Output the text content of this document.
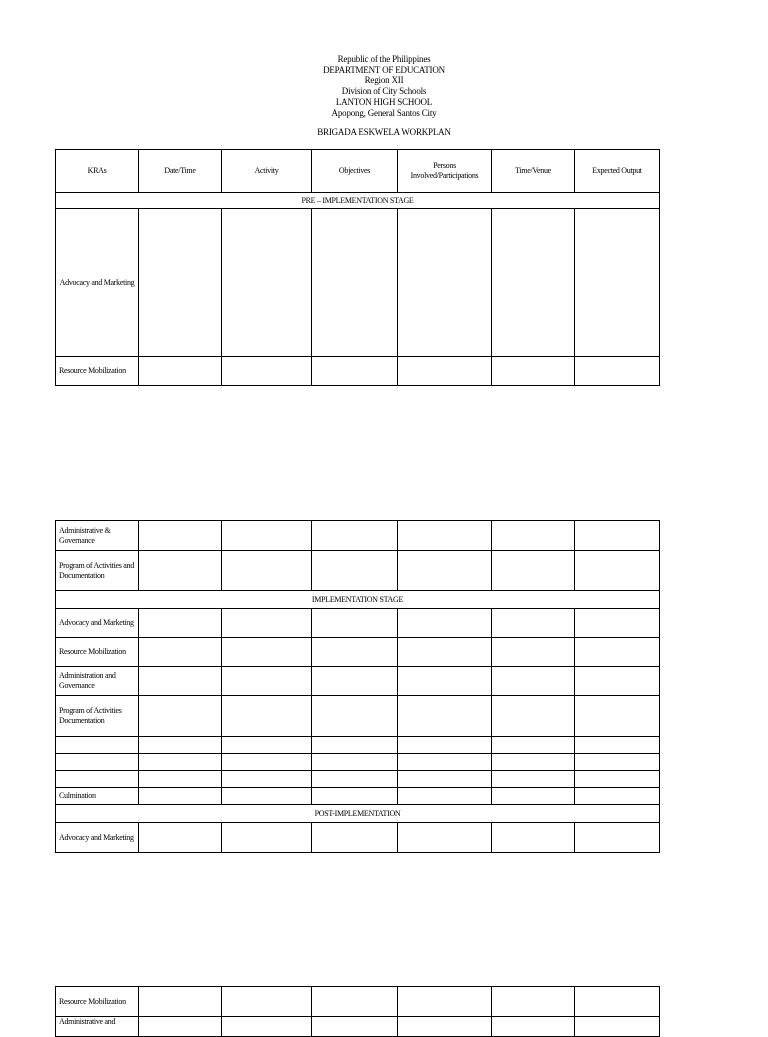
Republic of the Philippines
DEPARTMENT OF EDUCATION
Region XII
Division of City Schools
LANTON HIGH SCHOOL
Apopong, General Santos City
BRIGADA ESKWELA WORKPLAN
KRAs	Date/Time	Activity	Objectives	Persons Involved/Participations	Time/Venue	Expected Output
PRE – IMPLEMENTATION STAGE						
Advocacy and Marketing						
Resource Mobilization						
Administrative & Governance						
Program of Activities and Documentation						
IMPLEMENTATION STAGE						
Advocacy and Marketing						
Resource Mobilization						
Administration and Governance						
Program of Activities Documentation						

Culmination						
POST-IMPLEMENTATION						
Advocacy and Marketing						
Resource Mobilization						
Administrative and						
